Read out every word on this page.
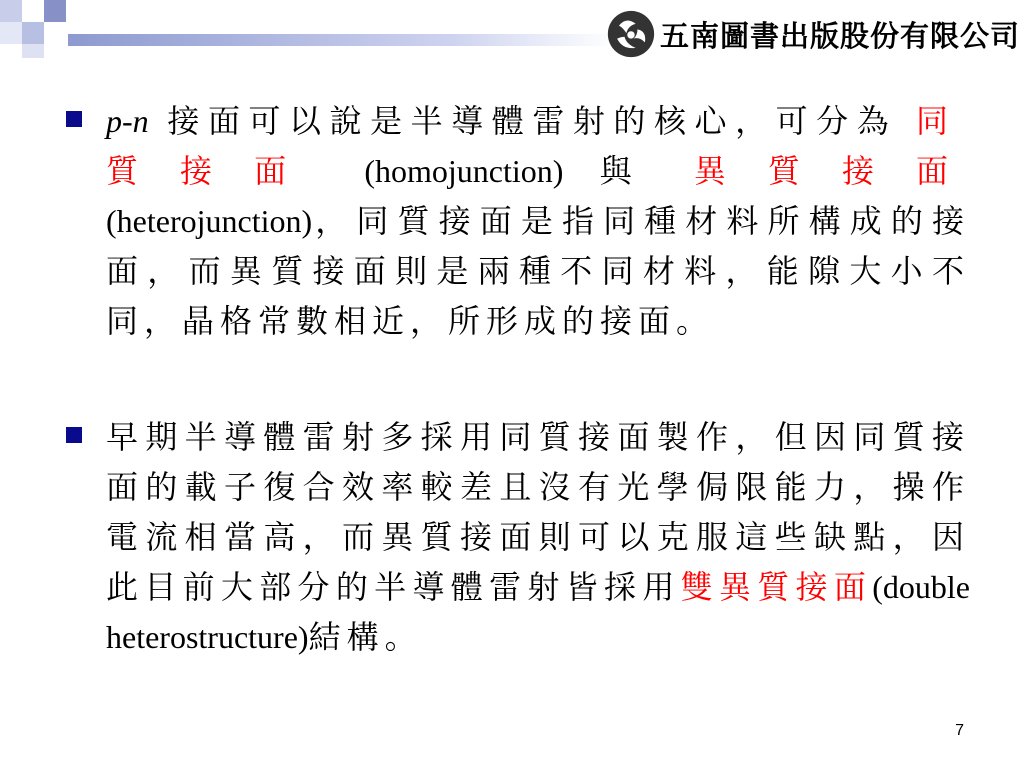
五南圖書出版股份有限公司
p-n 接面可以說是半導體雷射的核心，可分為 同質接面 (homojunction) 與 異質接面 (heterojunction)，同質接面是指同種材料所構成的接面，而異質接面則是兩種不同材料，能隙大小不同，晶格常數相近，所形成的接面。
早期半導體雷射多採用同質接面製作，但因同質接面的載子復合效率較差且沒有光學侷限能力，操作電流相當高，而異質接面則可以克服這些缺點，因此目前大部分的半導體雷射皆採用雙異質接面(double heterostructure)結構。
7
